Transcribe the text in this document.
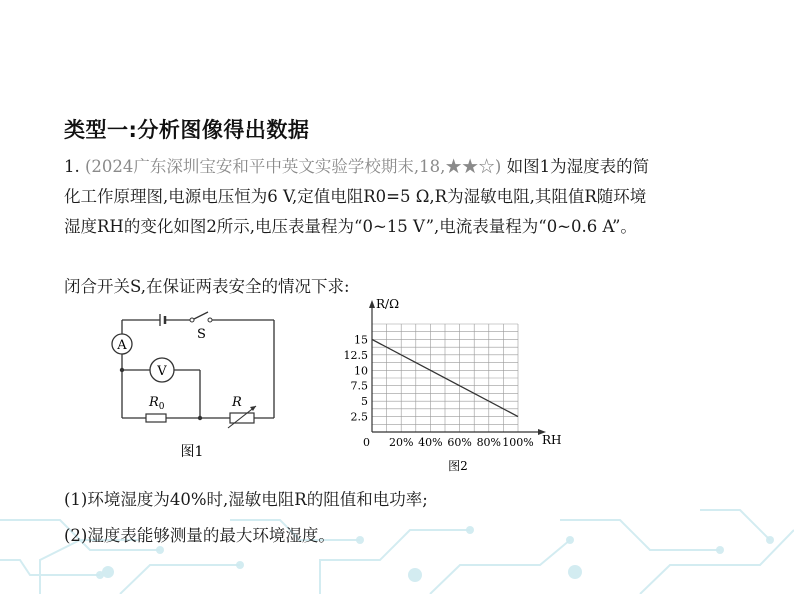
类型一:分析图像得出数据
1. (2024广东深圳宝安和平中英文实验学校期末,18,★★☆) 如图1为湿度表的简
化工作原理图,电源电压恒为6 V,定值电阻R0=5 Ω,R为湿敏电阻,其阻值R随环境
湿度RH的变化如图2所示,电压表量程为“0~15 V”,电流表量程为“0~0.6 A”。
闭合开关S,在保证两表安全的情况下求:
A
V
S
$R_0$	R
图1
2.5
5
7.5
10
12.5
15
0 20% 40% 60% 80% 100%
R/Ω
RH
图2
(1)环境湿度为40%时,湿敏电阻R的阻值和电功率;
(2)湿度表能够测量的最大环境湿度。
